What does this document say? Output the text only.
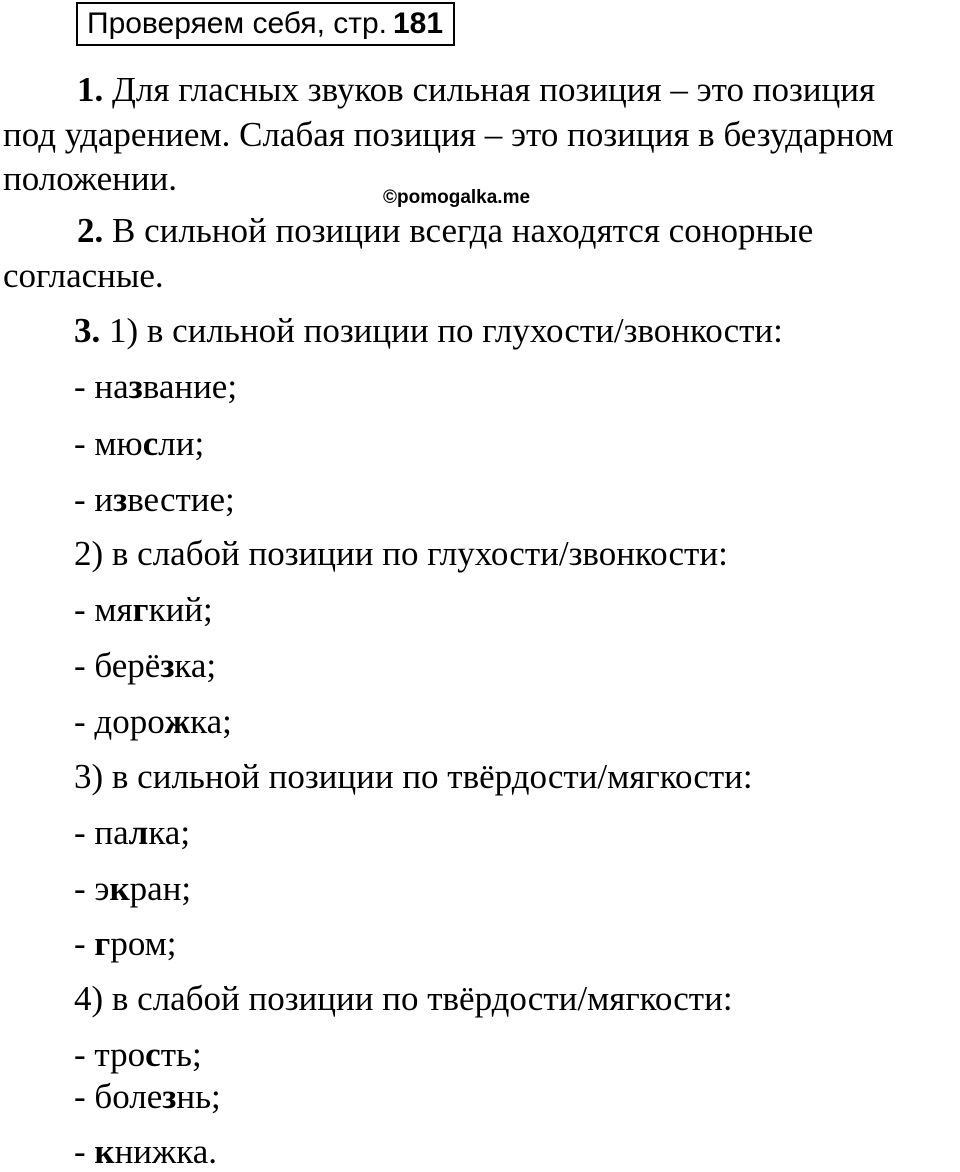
Проверяем себя, стр. 181
1. Для гласных звуков сильная позиция – это позиция
под ударением. Слабая позиция – это позиция в безударном
положении.	©pomogalka.me
2. В сильной позиции всегда находятся сонорные
согласные.
3. 1) в сильной позиции по глухости/звонкости:
- название;
- мюсли;
- известие;
2) в слабой позиции по глухости/звонкости:
- мягкий;
- берёзка;
- дорожка;
3) в сильной позиции по твёрдости/мягкости:
- палка;
- экран;
- гром;
4) в слабой позиции по твёрдости/мягкости:
- трость;
- болезнь;
- книжка.
